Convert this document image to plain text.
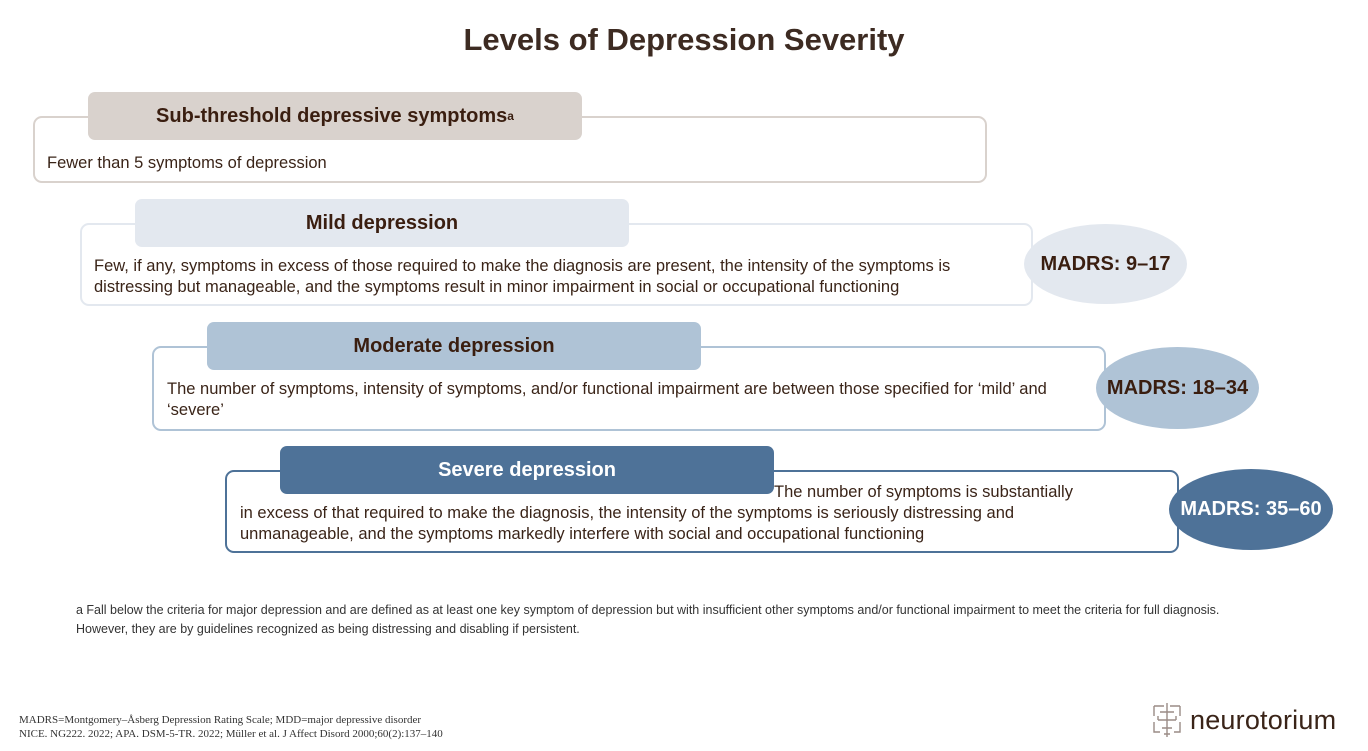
Levels of Depression Severity
Sub-threshold depressive symptoms a
Fewer than 5 symptoms of depression
Mild depression
Few, if any, symptoms in excess of those required to make the diagnosis are present, the intensity of the symptoms is distressing but manageable, and the symptoms result in minor impairment in social or occupational functioning
MADRS: 9–17
Moderate depression
The number of symptoms, intensity of symptoms, and/or functional impairment are between those specified for ‘mild’ and ‘severe’
MADRS: 18–34
Severe depression
The number of symptoms is substantially
in excess of that required to make the diagnosis, the intensity of the symptoms is seriously distressing and unmanageable, and the symptoms markedly interfere with social and occupational functioning
MADRS: 35–60
a Fall below the criteria for major depression and are defined as at least one key symptom of depression but with insufficient other symptoms and/or functional impairment to meet the criteria for full diagnosis. However, they are by guidelines recognized as being distressing and disabling if persistent.
MADRS=Montgomery–Åsberg Depression Rating Scale; MDD=major depressive disorder
NICE. NG222. 2022; APA. DSM-5-TR. 2022; Müller et al. J Affect Disord 2000;60(2):137–140	neurotorium
